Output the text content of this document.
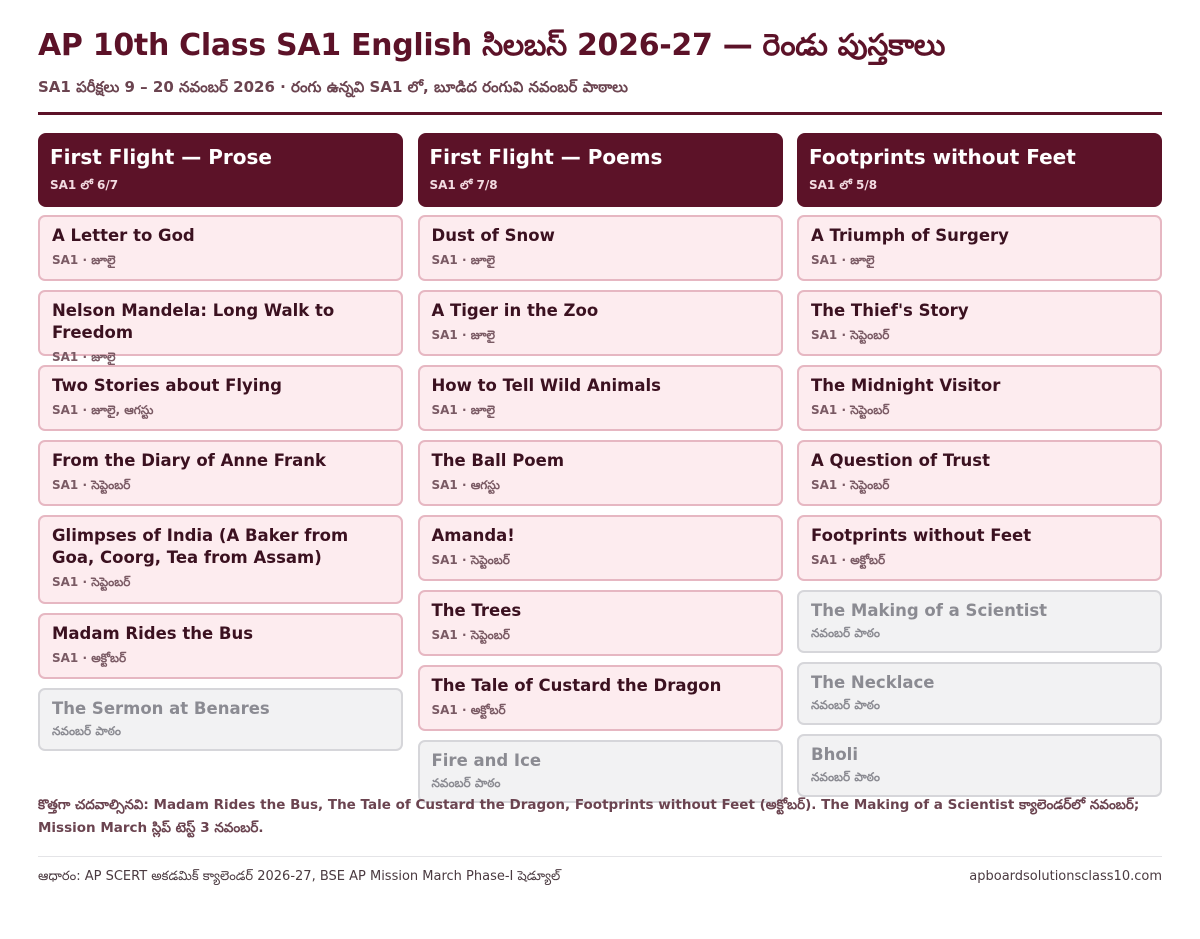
AP 10th Class SA1 English సిలబస్ 2026-27 — రెండు పుస్తకాలు
SA1 పరీక్షలు 9 – 20 నవంబర్ 2026 · రంగు ఉన్నవి SA1 లో, బూడిద రంగువి నవంబర్ పాఠాలు
First Flight — Prose
SA1 లో 6/7
A Letter to God
SA1 · జూలై
Nelson Mandela: Long Walk to Freedom
SA1 · జూలై
Two Stories about Flying
SA1 · జూలై, ఆగస్టు
From the Diary of Anne Frank
SA1 · సెప్టెంబర్
Glimpses of India (A Baker from Goa, Coorg, Tea from Assam)
SA1 · సెప్టెంబర్
Madam Rides the Bus
SA1 · అక్టోబర్
The Sermon at Benares
నవంబర్ పాఠం
First Flight — Poems
SA1 లో 7/8
Dust of Snow
SA1 · జూలై
A Tiger in the Zoo
SA1 · జూలై
How to Tell Wild Animals
SA1 · జూలై
The Ball Poem
SA1 · ఆగస్టు
Amanda!
SA1 · సెప్టెంబర్
The Trees
SA1 · సెప్టెంబర్
The Tale of Custard the Dragon
SA1 · అక్టోబర్
Fire and Ice
నవంబర్ పాఠం
Footprints without Feet
SA1 లో 5/8
A Triumph of Surgery
SA1 · జూలై
The Thief's Story
SA1 · సెప్టెంబర్
The Midnight Visitor
SA1 · సెప్టెంబర్
A Question of Trust
SA1 · సెప్టెంబర్
Footprints without Feet
SA1 · అక్టోబర్
The Making of a Scientist
నవంబర్ పాఠం
The Necklace
నవంబర్ పాఠం
Bholi
నవంబర్ పాఠం
కొత్తగా చదవాల్సినవి: Madam Rides the Bus, The Tale of Custard the Dragon, Footprints without Feet (అక్టోబర్). The Making of a Scientist క్యాలెండర్‌లో నవంబర్; Mission March స్లిప్ టెస్ట్ 3 నవంబర్.
ఆధారం: AP SCERT అకడమిక్ క్యాలెండర్ 2026-27, BSE AP Mission March Phase-I షెడ్యూల్	apboardsolutionsclass10.com
